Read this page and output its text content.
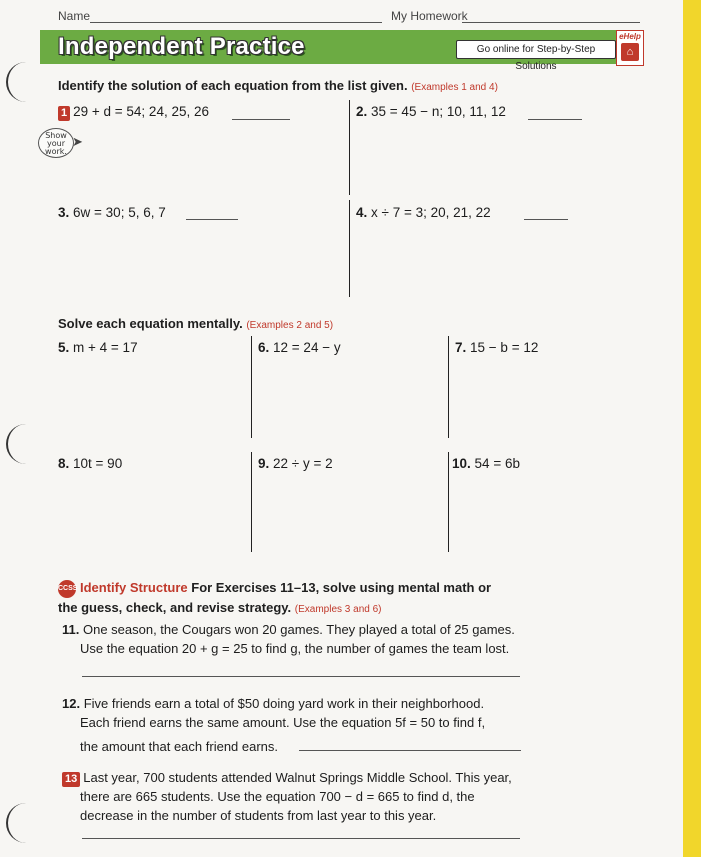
Name	My Homework
Independent Practice	Go online for Step-by-Step Solutions
eHelp
⌂
Identify the solution of each equation from the list given. (Examples 1 and 4)
1 29 + d = 54; 24, 25, 26
Show your work.
➤
2. 35 = 45 − n; 10, 11, 12
3. 6w = 30; 5, 6, 7	4. x ÷ 7 = 3; 20, 21, 22
Solve each equation mentally. (Examples 2 and 5)
5. m + 4 = 17	6. 12 = 24 − y	7. 15 − b = 12
8. 10t = 90	9. 22 ÷ y = 2	10. 54 = 6b
CCSS Identify Structure For Exercises 11–13, solve using mental math or
the guess, check, and revise strategy. (Examples 3 and 6)
11. One season, the Cougars won 20 games. They played a total of 25 games.
Use the equation 20 + g = 25 to find g, the number of games the team lost.
12. Five friends earn a total of $50 doing yard work in their neighborhood.
Each friend earns the same amount. Use the equation 5f = 50 to find f,
the amount that each friend earns.
13 Last year, 700 students attended Walnut Springs Middle School. This year,
there are 665 students. Use the equation 700 − d = 665 to find d, the
decrease in the number of students from last year to this year.
